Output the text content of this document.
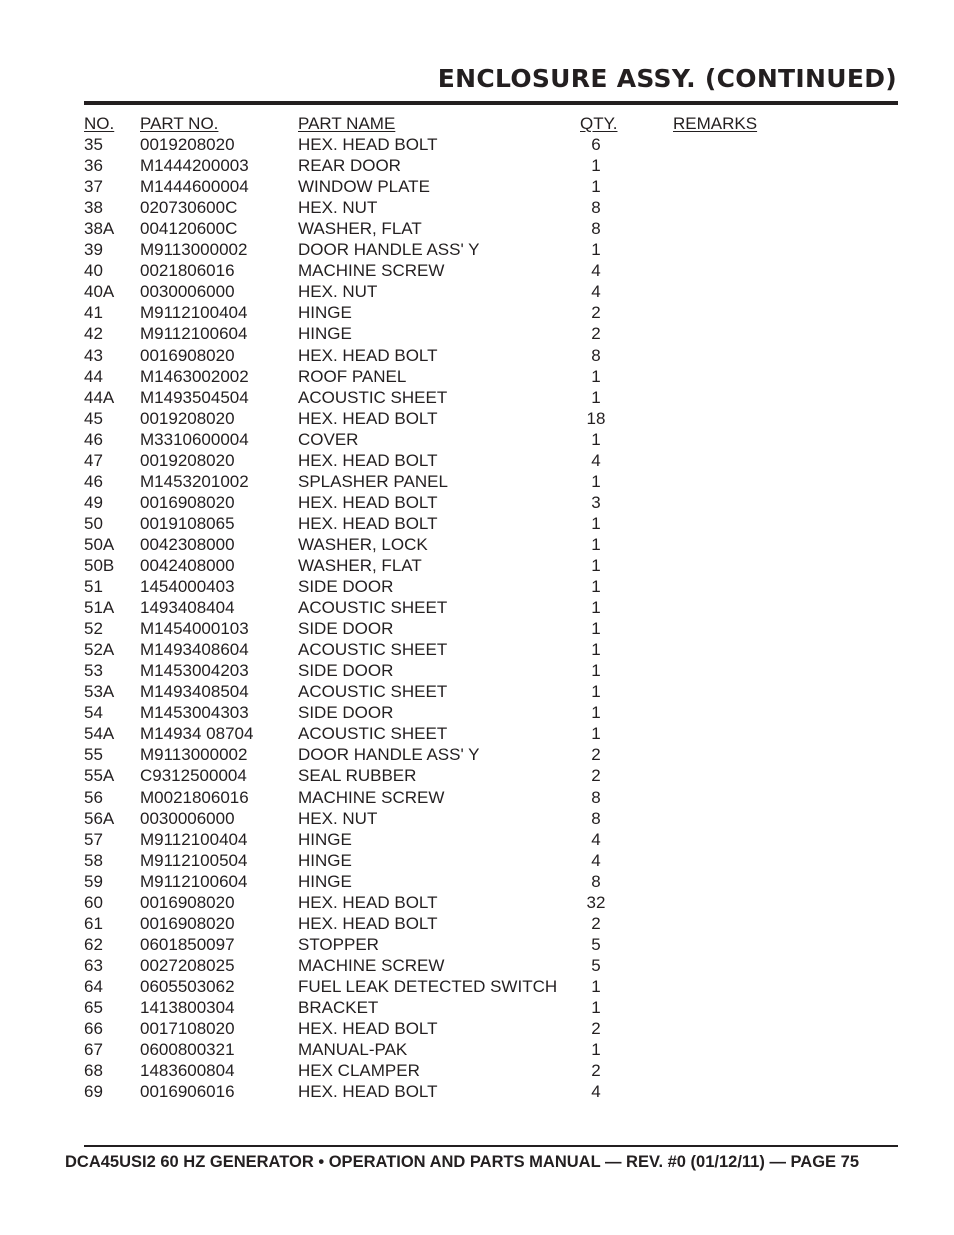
ENCLOSURE ASSY. (CONTINUED)
NO. PART NO.	PART NAME	QTY.	REMARKS
35 0019208020	HEX. HEAD BOLT	6
36 M1444200003	REAR DOOR	1
37 M1444600004	WINDOW PLATE	1
38 020730600C	HEX. NUT	8
38A 004120600C	WASHER, FLAT	8
39 M9113000002	DOOR HANDLE ASS' Y	1
40 0021806016	MACHINE SCREW	4
40A 0030006000	HEX. NUT	4
41 M9112100404	HINGE	2
42 M9112100604	HINGE	2
43 0016908020	HEX. HEAD BOLT	8
44 M1463002002	ROOF PANEL	1
44A M1493504504	ACOUSTIC SHEET	1
45 0019208020	HEX. HEAD BOLT	18
46 M3310600004	COVER	1
47 0019208020	HEX. HEAD BOLT	4
46 M1453201002	SPLASHER PANEL	1
49 0016908020	HEX. HEAD BOLT	3
50 0019108065	HEX. HEAD BOLT	1
50A 0042308000	WASHER, LOCK	1
50B 0042408000	WASHER, FLAT	1
51 1454000403	SIDE DOOR	1
51A 1493408404	ACOUSTIC SHEET	1
52 M1454000103	SIDE DOOR	1
52A M1493408604	ACOUSTIC SHEET	1
53 M1453004203	SIDE DOOR	1
53A M1493408504	ACOUSTIC SHEET	1
54 M1453004303	SIDE DOOR	1
54A M14934 08704	ACOUSTIC SHEET	1
55 M9113000002	DOOR HANDLE ASS' Y	2
55A C9312500004	SEAL RUBBER	2
56 M0021806016	MACHINE SCREW	8
56A 0030006000	HEX. NUT	8
57 M9112100404	HINGE	4
58 M9112100504	HINGE	4
59 M9112100604	HINGE	8
60 0016908020	HEX. HEAD BOLT	32
61 0016908020	HEX. HEAD BOLT	2
62 0601850097	STOPPER	5
63 0027208025	MACHINE SCREW	5
64 0605503062	FUEL LEAK DETECTED SWITCH	1
65 1413800304	BRACKET	1
66 0017108020	HEX. HEAD BOLT	2
67 0600800321	MANUAL-PAK	1
68 1483600804	HEX CLAMPER	2
69 0016906016	HEX. HEAD BOLT	4
DCA45USI2 60 HZ GENERATOR • OPERATION AND PARTS MANUAL — REV. #0 (01/12/11) — PAGE 75
